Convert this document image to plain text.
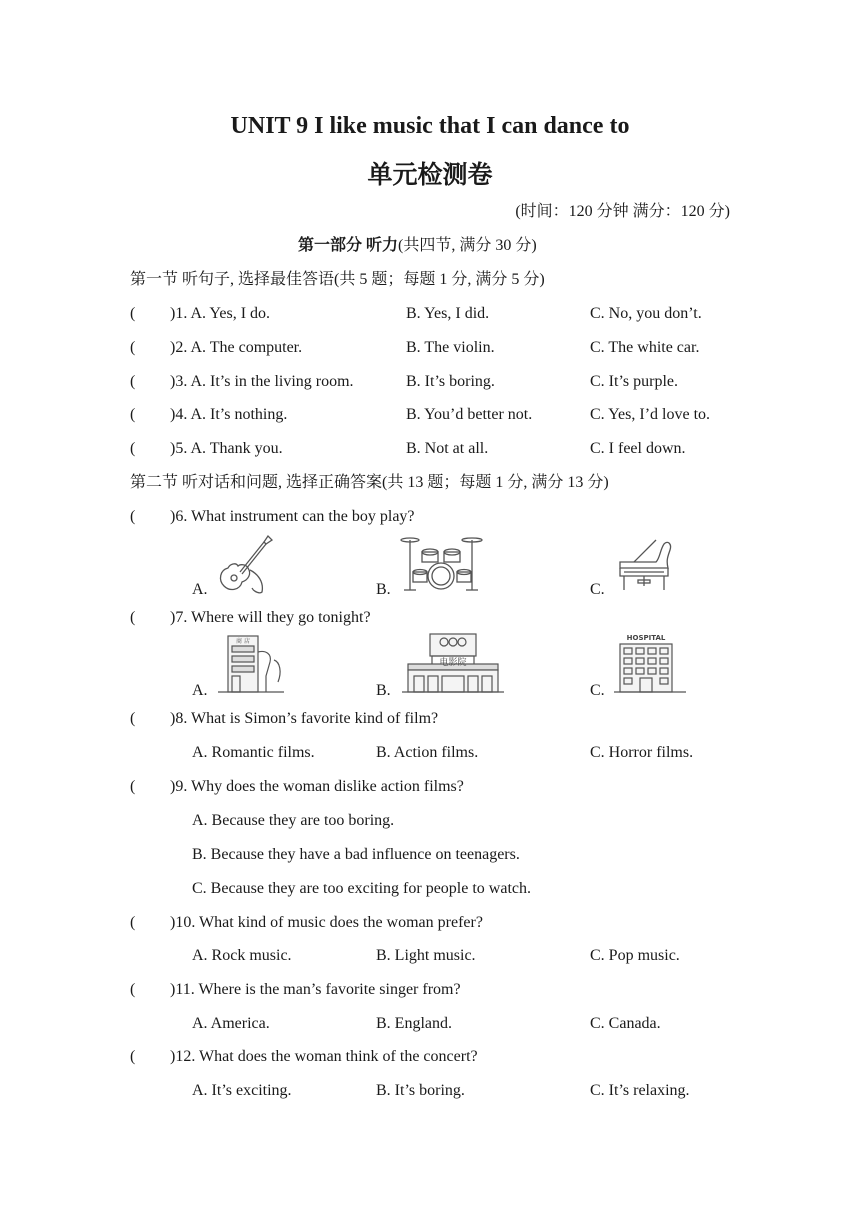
UNIT 9 I like music that I can dance to
单元检测卷
(时间：120 分钟 满分：120 分)
第一部分 听力(共四节, 满分 30 分)
第一节 听句子, 选择最佳答语(共 5 题；每题 1 分, 满分 5 分)
( )1. A. Yes, I do.	B. Yes, I did.	C. No, you don’t.
( )2. A. The computer.	B. The violin.	C. The white car.
( )3. A. It’s in the living room.	B. It’s boring.	C. It’s purple.
( )4. A. It’s nothing.	B. You’d better not.	C. Yes, I’d love to.
( )5. A. Thank you.	B. Not at all.	C. I feel down.
第二节 听对话和问题, 选择正确答案(共 13 题；每题 1 分, 满分 13 分)
( )6. What instrument can the boy play?
A.	B.	C.
( )7. Where will they go tonight?
A.	B.	C.
商 店
电影院
HOSPITAL
( )8. What is Simon’s favorite kind of film?
A. Romantic films.	B. Action films.	C. Horror films.
( )9. Why does the woman dislike action films?
A. Because they are too boring.
B. Because they have a bad influence on teenagers.
C. Because they are too exciting for people to watch.
( )10. What kind of music does the woman prefer?
A. Rock music.	B. Light music.	C. Pop music.
( )11. Where is the man’s favorite singer from?
A. America.	B. England.	C. Canada.
( )12. What does the woman think of the concert?
A. It’s exciting.	B. It’s boring.	C. It’s relaxing.
